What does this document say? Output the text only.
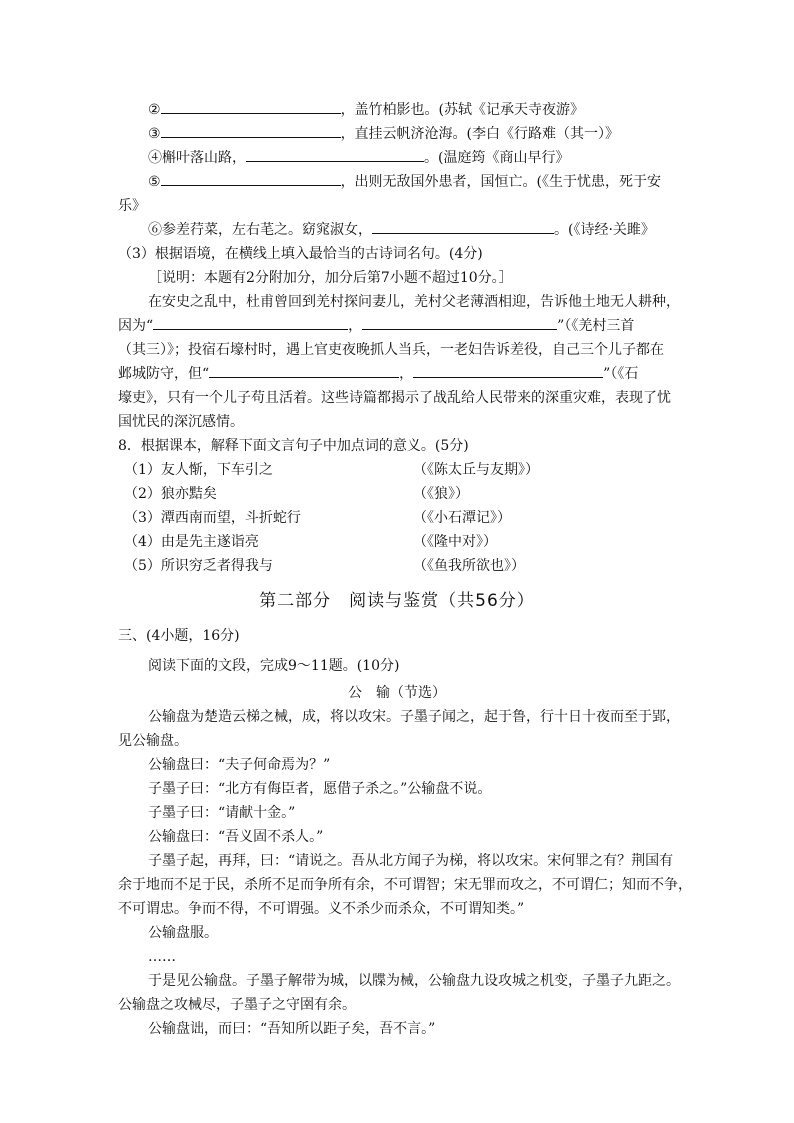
②	，盖竹柏影也。(苏轼《记承天寺夜游》
③	，直挂云帆济沧海。(李白《行路难（其一）》
④槲叶落山路，	。(温庭筠《商山早行》
⑤	，出则无敌国外患者，国恒亡。(《生于忧患，死于安
乐》
⑥参差荇菜，左右芼之。窈窕淑女，	。(《诗经·关雎》
（3）根据语境，在横线上填入最恰当的古诗词名句。(4分)
［说明：本题有2分附加分，加分后第7小题不超过10分。］
在安史之乱中，杜甫曾回到羌村探问妻儿，羌村父老薄酒相迎，告诉他土地无人耕种，
因为“	，	”（《羌村三首
（其三）》；投宿石壕村时，遇上官吏夜晚抓人当兵，一老妇告诉差役，自己三个儿子都在
邺城防守，但“	，	”（《石
壕吏》，只有一个儿子苟且活着。这些诗篇都揭示了战乱给人民带来的深重灾难，表现了忧
国忧民的深沉感情。
8．根据课本，解释下面文言句子中加点词的意义。(5分)
（1）友人惭，下车引之	（《陈太丘与友期》）
（2）狼亦黠矣	（《狼》）
（3）潭西南而望，斗折蛇行	（《小石潭记》）
（4）由是先主遂诣亮	（《隆中对》）
（5）所识穷乏者得我与	（《鱼我所欲也》）
第二部分　阅读与鉴赏（共56分）
三、(4小题，16分)
阅读下面的文段，完成9～11题。(10分)
公　输（节选）
公输盘为楚造云梯之械，成，将以攻宋。子墨子闻之，起于鲁，行十日十夜而至于郢，
见公输盘。
公输盘曰：“夫子何命焉为？”
子墨子曰：“北方有侮臣者，愿借子杀之。”公输盘不说。
子墨子曰：“请献十金。”
公输盘曰：“吾义固不杀人。”
子墨子起，再拜，曰：“请说之。吾从北方闻子为梯，将以攻宋。宋何罪之有？荆国有
余于地而不足于民，杀所不足而争所有余，不可谓智；宋无罪而攻之，不可谓仁；知而不争，
不可谓忠。争而不得，不可谓强。义不杀少而杀众，不可谓知类。”
公输盘服。
……
于是见公输盘。子墨子解带为城，以牒为械，公输盘九设攻城之机变，子墨子九距之。
公输盘之攻械尽，子墨子之守圉有余。
公输盘诎，而曰：“吾知所以距子矣，吾不言。”
